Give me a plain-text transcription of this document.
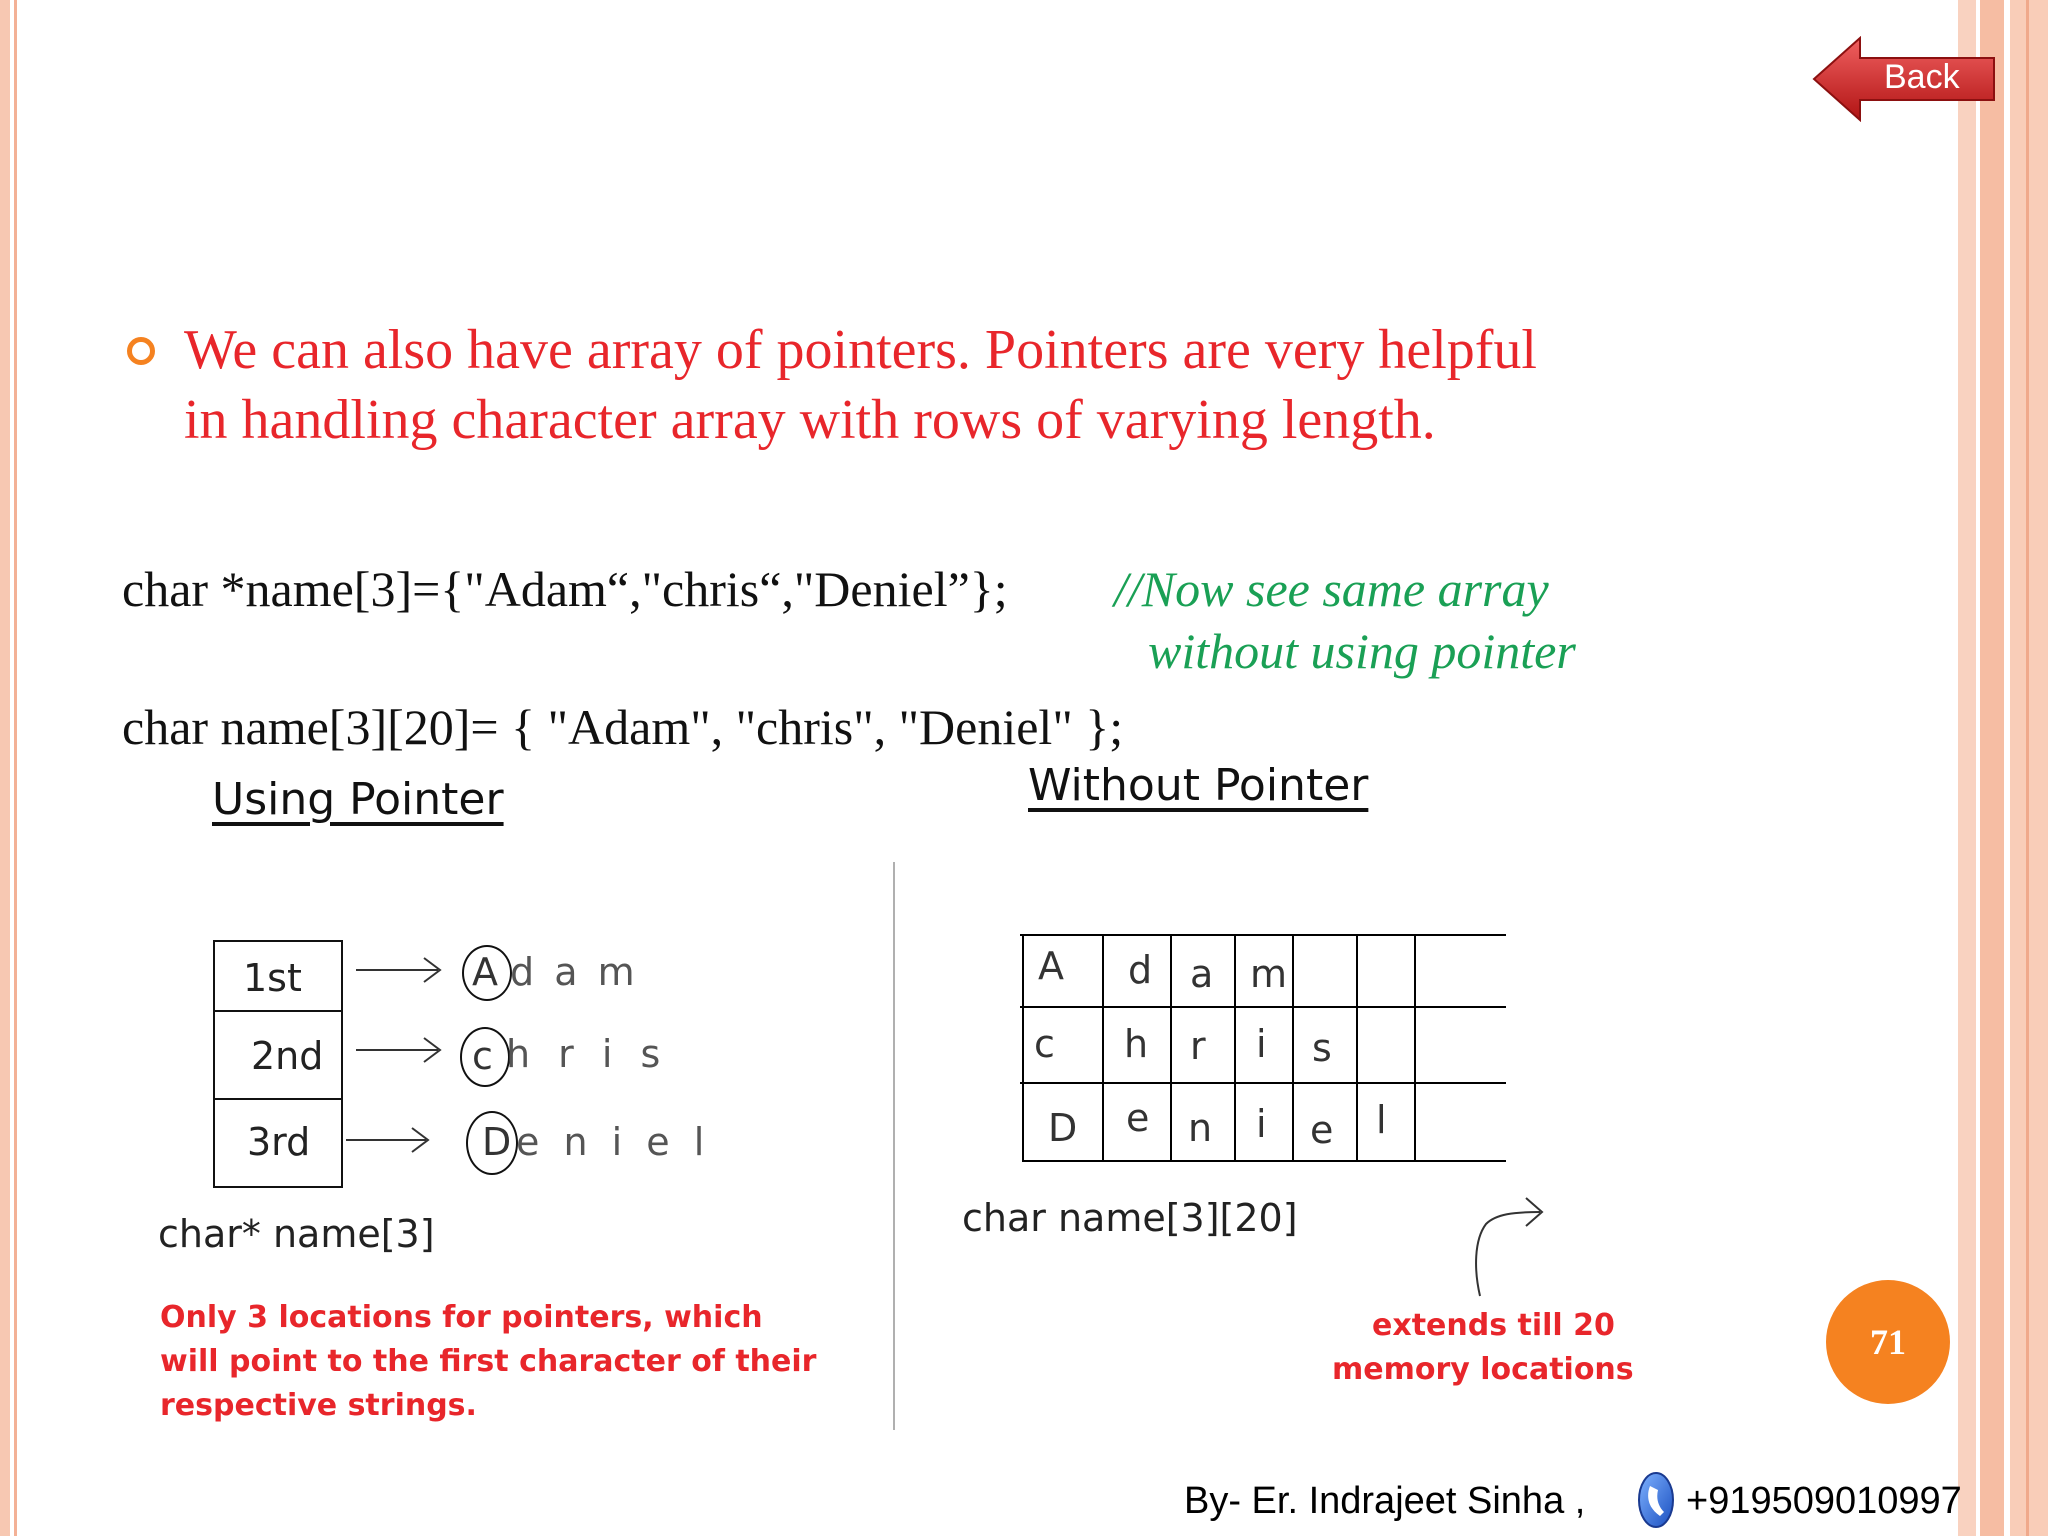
Back
We can also have array of pointers. Pointers are very helpful
in handling character array with rows of varying length.
char *name[3]={"Adam“,"chris“,"Deniel”}; //Now see same array
without using pointer
char name[3][20]= { "Adam", "chris", "Deniel" };
Using Pointer	Without Pointer
1st
2nd
3rd
A d a m
c h r i s
D e n i e l
char* name[3]
Only 3 locations for pointers, which
will point to the first character of their
respective strings.
A d a m
c h r i s
D e n i e l
char name[3][20]
extends till 20
memory locations
71
By- Er. Indrajeet Sinha ,	+919509010997
